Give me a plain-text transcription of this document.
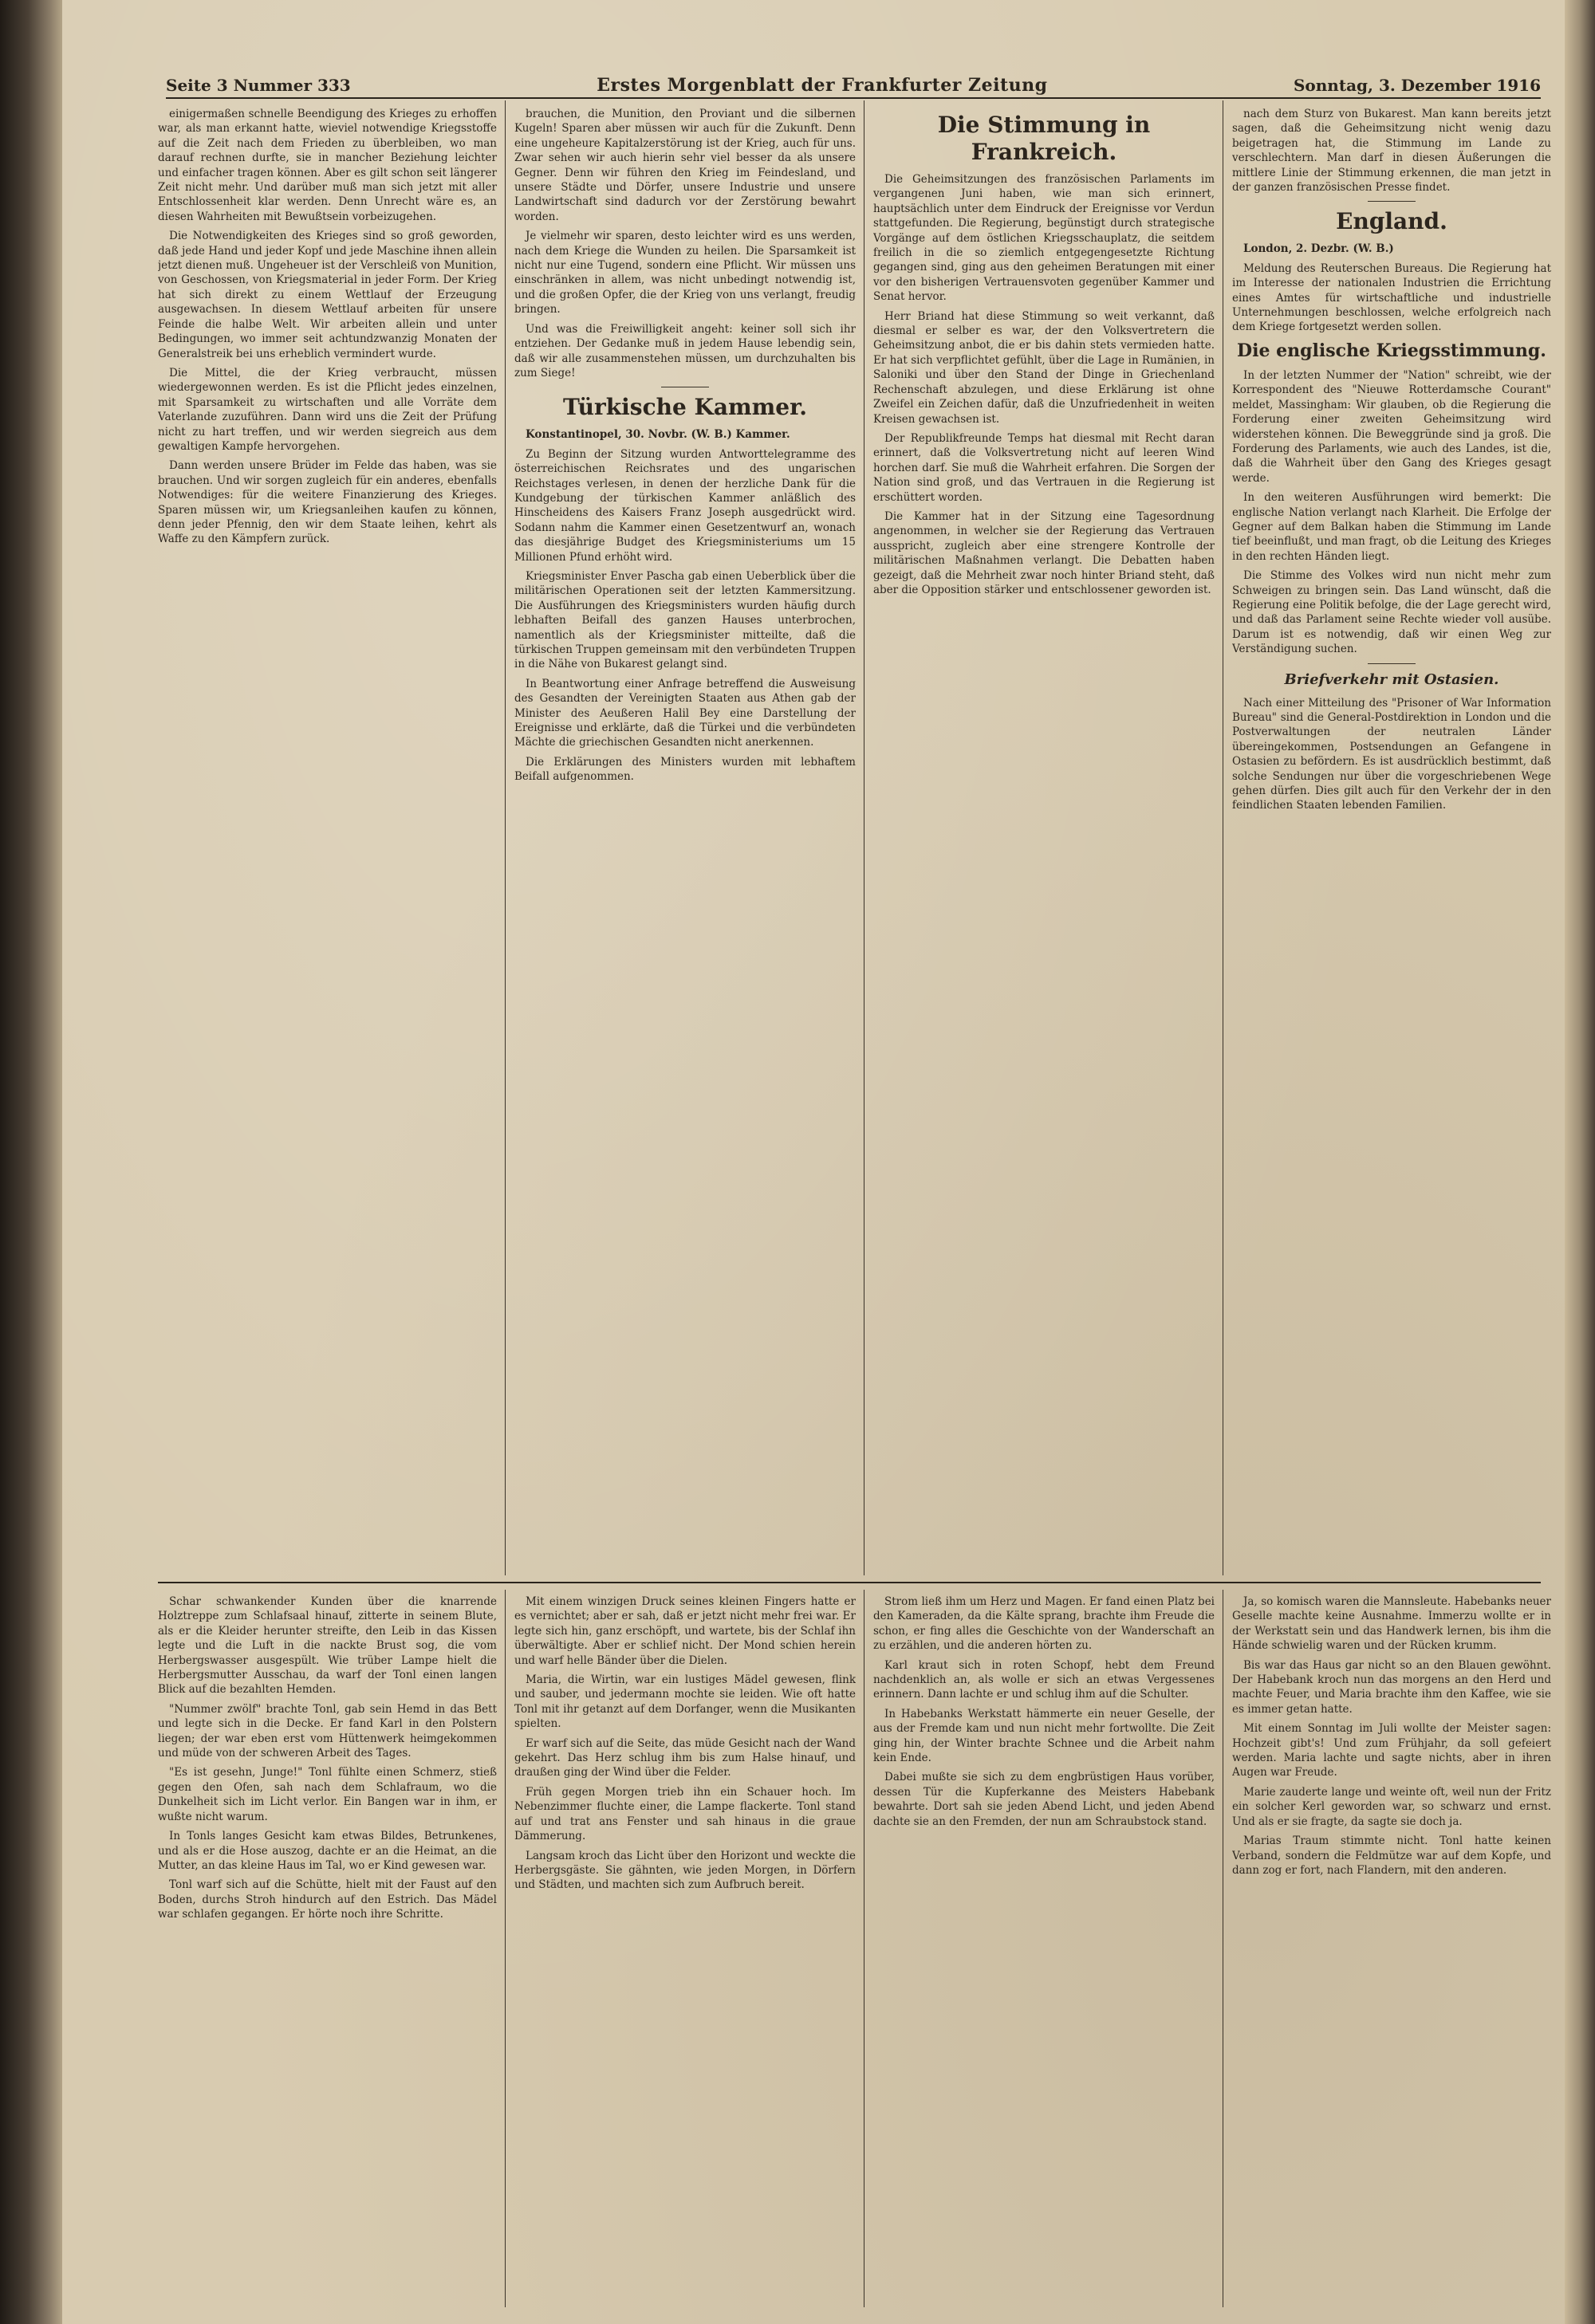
Seite 3 Nummer 333	Erstes Morgenblatt der Frankfurter Zeitung	Sonntag, 3. Dezember 1916

einigermaßen schnelle Beendigung des Krieges zu erhoffen war, als man erkannt hatte, wieviel notwendige Kriegsstoffe auf die Zeit nach dem Frieden zu überbleiben, wo man darauf rechnen durfte, sie in mancher Beziehung leichter und einfacher tragen können. Aber es gilt schon seit längerer Zeit nicht mehr. Und darüber muß man sich jetzt mit aller Entschlossenheit klar werden. Denn Unrecht wäre es, an diesen Wahrheiten mit Bewußtsein vorbeizugehen.

Die Notwendigkeiten des Krieges sind so groß geworden, daß jede Hand und jeder Kopf und jede Maschine ihnen allein jetzt dienen muß. Ungeheuer ist der Verschleiß von Munition, von Geschossen, von Kriegsmaterial in jeder Form. Der Krieg hat sich direkt zu einem Wettlauf der Erzeugung ausgewachsen. In diesem Wettlauf arbeiten für unsere Feinde die halbe Welt. Wir arbeiten allein und unter Bedingungen, wo immer seit achtundzwanzig Monaten der Generalstreik bei uns erheblich vermindert wurde.

Die Mittel, die der Krieg verbraucht, müssen wiedergewonnen werden. Es ist die Pflicht jedes einzelnen, mit Sparsamkeit zu wirtschaften und alle Vorräte dem Vaterlande zuzuführen. Dann wird uns die Zeit der Prüfung nicht zu hart treffen, und wir werden siegreich aus dem gewaltigen Kampfe hervorgehen.

Dann werden unsere Brüder im Felde das haben, was sie brauchen. Und wir sorgen zugleich für ein anderes, ebenfalls Notwendiges: für die weitere Finanzierung des Krieges. Sparen müssen wir, um Kriegsanleihen kaufen zu können, denn jeder Pfennig, den wir dem Staate leihen, kehrt als Waffe zu den Kämpfern zurück.

brauchen, die Munition, den Proviant und die silbernen Kugeln! Sparen aber müssen wir auch für die Zukunft. Denn eine ungeheure Kapitalzerstörung ist der Krieg, auch für uns. Zwar sehen wir auch hierin sehr viel besser da als unsere Gegner. Denn wir führen den Krieg im Feindesland, und unsere Städte und Dörfer, unsere Industrie und unsere Landwirtschaft sind dadurch vor der Zerstörung bewahrt worden.

Je vielmehr wir sparen, desto leichter wird es uns werden, nach dem Kriege die Wunden zu heilen. Die Sparsamkeit ist nicht nur eine Tugend, sondern eine Pflicht. Wir müssen uns einschränken in allem, was nicht unbedingt notwendig ist, und die großen Opfer, die der Krieg von uns verlangt, freudig bringen.

Und was die Freiwilligkeit angeht: keiner soll sich ihr entziehen. Der Gedanke muß in jedem Hause lebendig sein, daß wir alle zusammenstehen müssen, um durchzuhalten bis zum Siege!

Türkische Kammer.

Konstantinopel, 30. Novbr. (W. B.) Kammer.

Zu Beginn der Sitzung wurden Antworttelegramme des österreichischen Reichsrates und des ungarischen Reichstages verlesen, in denen der herzliche Dank für die Kundgebung der türkischen Kammer anläßlich des Hinscheidens des Kaisers Franz Joseph ausgedrückt wird. Sodann nahm die Kammer einen Gesetzentwurf an, wonach das diesjährige Budget des Kriegsministeriums um 15 Millionen Pfund erhöht wird.

Kriegsminister Enver Pascha gab einen Ueberblick über die militärischen Operationen seit der letzten Kammersitzung. Die Ausführungen des Kriegsministers wurden häufig durch lebhaften Beifall des ganzen Hauses unterbrochen, namentlich als der Kriegsminister mitteilte, daß die türkischen Truppen gemeinsam mit den verbündeten Truppen in die Nähe von Bukarest gelangt sind.

In Beantwortung einer Anfrage betreffend die Ausweisung des Gesandten der Vereinigten Staaten aus Athen gab der Minister des Aeußeren Halil Bey eine Darstellung der Ereignisse und erklärte, daß die Türkei und die verbündeten Mächte die griechischen Gesandten nicht anerkennen.

Die Erklärungen des Ministers wurden mit lebhaftem Beifall aufgenommen.

Die Stimmung in Frankreich.

Die Geheimsitzungen des französischen Parlaments im vergangenen Juni haben, wie man sich erinnert, hauptsächlich unter dem Eindruck der Ereignisse vor Verdun stattgefunden. Die Regierung, begünstigt durch strategische Vorgänge auf dem östlichen Kriegsschauplatz, die seitdem freilich in die so ziemlich entgegengesetzte Richtung gegangen sind, ging aus den geheimen Beratungen mit einer vor den bisherigen Vertrauensvoten gegenüber Kammer und Senat hervor.

Herr Briand hat diese Stimmung so weit verkannt, daß diesmal er selber es war, der den Volksvertretern die Geheimsitzung anbot, die er bis dahin stets vermieden hatte. Er hat sich verpflichtet gefühlt, über die Lage in Rumänien, in Saloniki und über den Stand der Dinge in Griechenland Rechenschaft abzulegen, und diese Erklärung ist ohne Zweifel ein Zeichen dafür, daß die Unzufriedenheit in weiten Kreisen gewachsen ist.

Der Republikfreunde Temps hat diesmal mit Recht daran erinnert, daß die Volksvertretung nicht auf leeren Wind horchen darf. Sie muß die Wahrheit erfahren. Die Sorgen der Nation sind groß, und das Vertrauen in die Regierung ist erschüttert worden.

Die Kammer hat in der Sitzung eine Tagesordnung angenommen, in welcher sie der Regierung das Vertrauen ausspricht, zugleich aber eine strengere Kontrolle der militärischen Maßnahmen verlangt. Die Debatten haben gezeigt, daß die Mehrheit zwar noch hinter Briand steht, daß aber die Opposition stärker und entschlossener geworden ist.

nach dem Sturz von Bukarest. Man kann bereits jetzt sagen, daß die Geheimsitzung nicht wenig dazu beigetragen hat, die Stimmung im Lande zu verschlechtern. Man darf in diesen Äußerungen die mittlere Linie der Stimmung erkennen, die man jetzt in der ganzen französischen Presse findet.

England.

London, 2. Dezbr. (W. B.)

Meldung des Reuterschen Bureaus. Die Regierung hat im Interesse der nationalen Industrien die Errichtung eines Amtes für wirtschaftliche und industrielle Unternehmungen beschlossen, welche erfolgreich nach dem Kriege fortgesetzt werden sollen.

Die englische Kriegsstimmung.

In der letzten Nummer der "Nation" schreibt, wie der Korrespondent des "Nieuwe Rotterdamsche Courant" meldet, Massingham: Wir glauben, ob die Regierung die Forderung einer zweiten Geheimsitzung wird widerstehen können. Die Beweggründe sind ja groß. Die Forderung des Parlaments, wie auch des Landes, ist die, daß die Wahrheit über den Gang des Krieges gesagt werde.

In den weiteren Ausführungen wird bemerkt: Die englische Nation verlangt nach Klarheit. Die Erfolge der Gegner auf dem Balkan haben die Stimmung im Lande tief beeinflußt, und man fragt, ob die Leitung des Krieges in den rechten Händen liegt.

Die Stimme des Volkes wird nun nicht mehr zum Schweigen zu bringen sein. Das Land wünscht, daß die Regierung eine Politik befolge, die der Lage gerecht wird, und daß das Parlament seine Rechte wieder voll ausübe. Darum ist es notwendig, daß wir einen Weg zur Verständigung suchen.

Briefverkehr mit Ostasien.

Nach einer Mitteilung des "Prisoner of War Information Bureau" sind die General-Postdirektion in London und die Postverwaltungen der neutralen Länder übereingekommen, Postsendungen an Gefangene in Ostasien zu befördern. Es ist ausdrücklich bestimmt, daß solche Sendungen nur über die vorgeschriebenen Wege gehen dürfen. Dies gilt auch für den Verkehr der in den feindlichen Staaten lebenden Familien.

Schar schwankender Kunden über die knarrende Holztreppe zum Schlafsaal hinauf, zitterte in seinem Blute, als er die Kleider herunter streifte, den Leib in das Kissen legte und die Luft in die nackte Brust sog, die vom Herbergswasser ausgespült. Wie trüber Lampe hielt die Herbergsmutter Ausschau, da warf der Tonl einen langen Blick auf die bezahlten Hemden.

"Nummer zwölf" brachte Tonl, gab sein Hemd in das Bett und legte sich in die Decke. Er fand Karl in den Polstern liegen; der war eben erst vom Hüttenwerk heimgekommen und müde von der schweren Arbeit des Tages.

"Es ist gesehn, Junge!" Tonl fühlte einen Schmerz, stieß gegen den Ofen, sah nach dem Schlafraum, wo die Dunkelheit sich im Licht verlor. Ein Bangen war in ihm, er wußte nicht warum.

In Tonls langes Gesicht kam etwas Bildes, Betrunkenes, und als er die Hose auszog, dachte er an die Heimat, an die Mutter, an das kleine Haus im Tal, wo er Kind gewesen war.

Tonl warf sich auf die Schütte, hielt mit der Faust auf den Boden, durchs Stroh hindurch auf den Estrich. Das Mädel war schlafen gegangen. Er hörte noch ihre Schritte.

Mit einem winzigen Druck seines kleinen Fingers hatte er es vernichtet; aber er sah, daß er jetzt nicht mehr frei war. Er legte sich hin, ganz erschöpft, und wartete, bis der Schlaf ihn überwältigte. Aber er schlief nicht. Der Mond schien herein und warf helle Bänder über die Dielen.

Maria, die Wirtin, war ein lustiges Mädel gewesen, flink und sauber, und jedermann mochte sie leiden. Wie oft hatte Tonl mit ihr getanzt auf dem Dorfanger, wenn die Musikanten spielten.

Er warf sich auf die Seite, das müde Gesicht nach der Wand gekehrt. Das Herz schlug ihm bis zum Halse hinauf, und draußen ging der Wind über die Felder.

Früh gegen Morgen trieb ihn ein Schauer hoch. Im Nebenzimmer fluchte einer, die Lampe flackerte. Tonl stand auf und trat ans Fenster und sah hinaus in die graue Dämmerung.

Langsam kroch das Licht über den Horizont und weckte die Herbergsgäste. Sie gähnten, wie jeden Morgen, in Dörfern und Städten, und machten sich zum Aufbruch bereit.

Strom ließ ihm um Herz und Magen. Er fand einen Platz bei den Kameraden, da die Kälte sprang, brachte ihm Freude die schon, er fing alles die Geschichte von der Wanderschaft an zu erzählen, und die anderen hörten zu.

Karl kraut sich in roten Schopf, hebt dem Freund nachdenklich an, als wolle er sich an etwas Vergessenes erinnern. Dann lachte er und schlug ihm auf die Schulter.

In Habebanks Werkstatt hämmerte ein neuer Geselle, der aus der Fremde kam und nun nicht mehr fortwollte. Die Zeit ging hin, der Winter brachte Schnee und die Arbeit nahm kein Ende.

Dabei mußte sie sich zu dem engbrüstigen Haus vorüber, dessen Tür die Kupferkanne des Meisters Habebank bewahrte. Dort sah sie jeden Abend Licht, und jeden Abend dachte sie an den Fremden, der nun am Schraubstock stand.

Ja, so komisch waren die Mannsleute. Habebanks neuer Geselle machte keine Ausnahme. Immerzu wollte er in der Werkstatt sein und das Handwerk lernen, bis ihm die Hände schwielig waren und der Rücken krumm.

Bis war das Haus gar nicht so an den Blauen gewöhnt. Der Habebank kroch nun das morgens an den Herd und machte Feuer, und Maria brachte ihm den Kaffee, wie sie es immer getan hatte.

Mit einem Sonntag im Juli wollte der Meister sagen: Hochzeit gibt's! Und zum Frühjahr, da soll gefeiert werden. Maria lachte und sagte nichts, aber in ihren Augen war Freude.

Marie zauderte lange und weinte oft, weil nun der Fritz ein solcher Kerl geworden war, so schwarz und ernst. Und als er sie fragte, da sagte sie doch ja.

Marias Traum stimmte nicht. Tonl hatte keinen Verband, sondern die Feldmütze war auf dem Kopfe, und dann zog er fort, nach Flandern, mit den anderen.
